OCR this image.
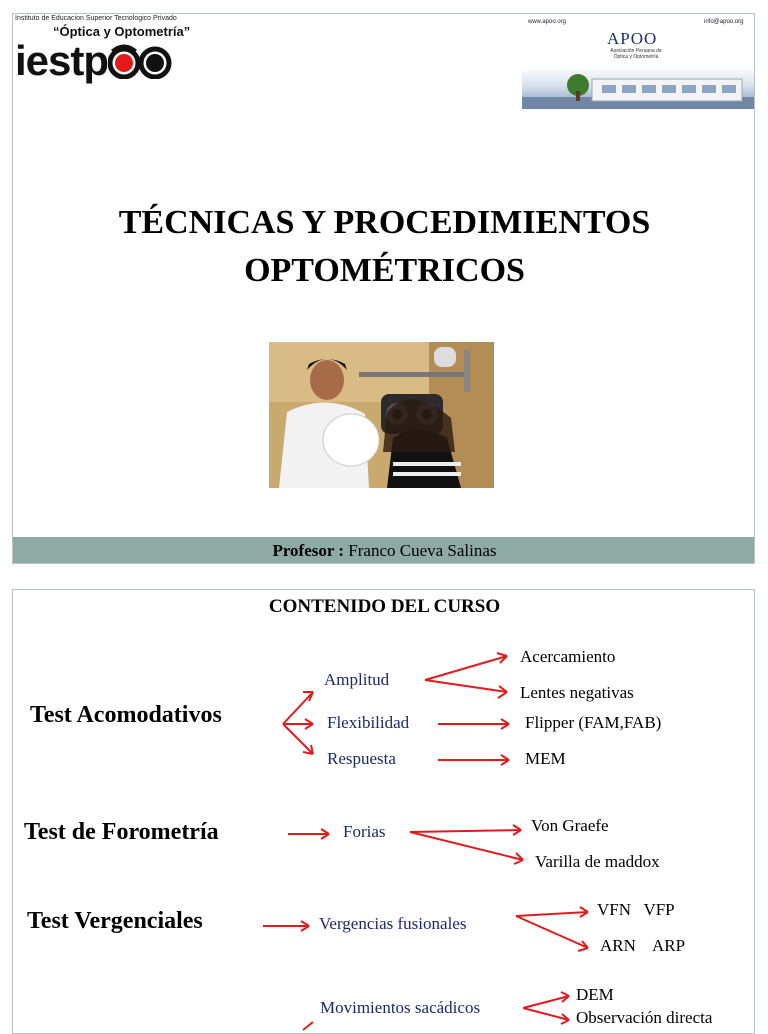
Instituto de Educacion Superior Tecnologico Privado
“Óptica y Optometría”
iestp
www.apoo.org	info@apoo.org
APOO
Asociación Peruana de Óptica y Optometría
TÉCNICAS Y PROCEDIMIENTOS
OPTOMÉTRICOS
Profesor : Franco Cueva Salinas
CONTENIDO DEL CURSO
Test Acomodativos
Amplitud
Flexibilidad
Respuesta
Acercamiento
Lentes negativas
Flipper (FAM,FAB)
MEM
Test de Forometría	Forias	Von Graefe
Varilla de maddox
Test Vergenciales	Vergencias fusionales
VFN   VFP
ARN    ARP
Movimientos sacádicos
DEM
Observación directa
